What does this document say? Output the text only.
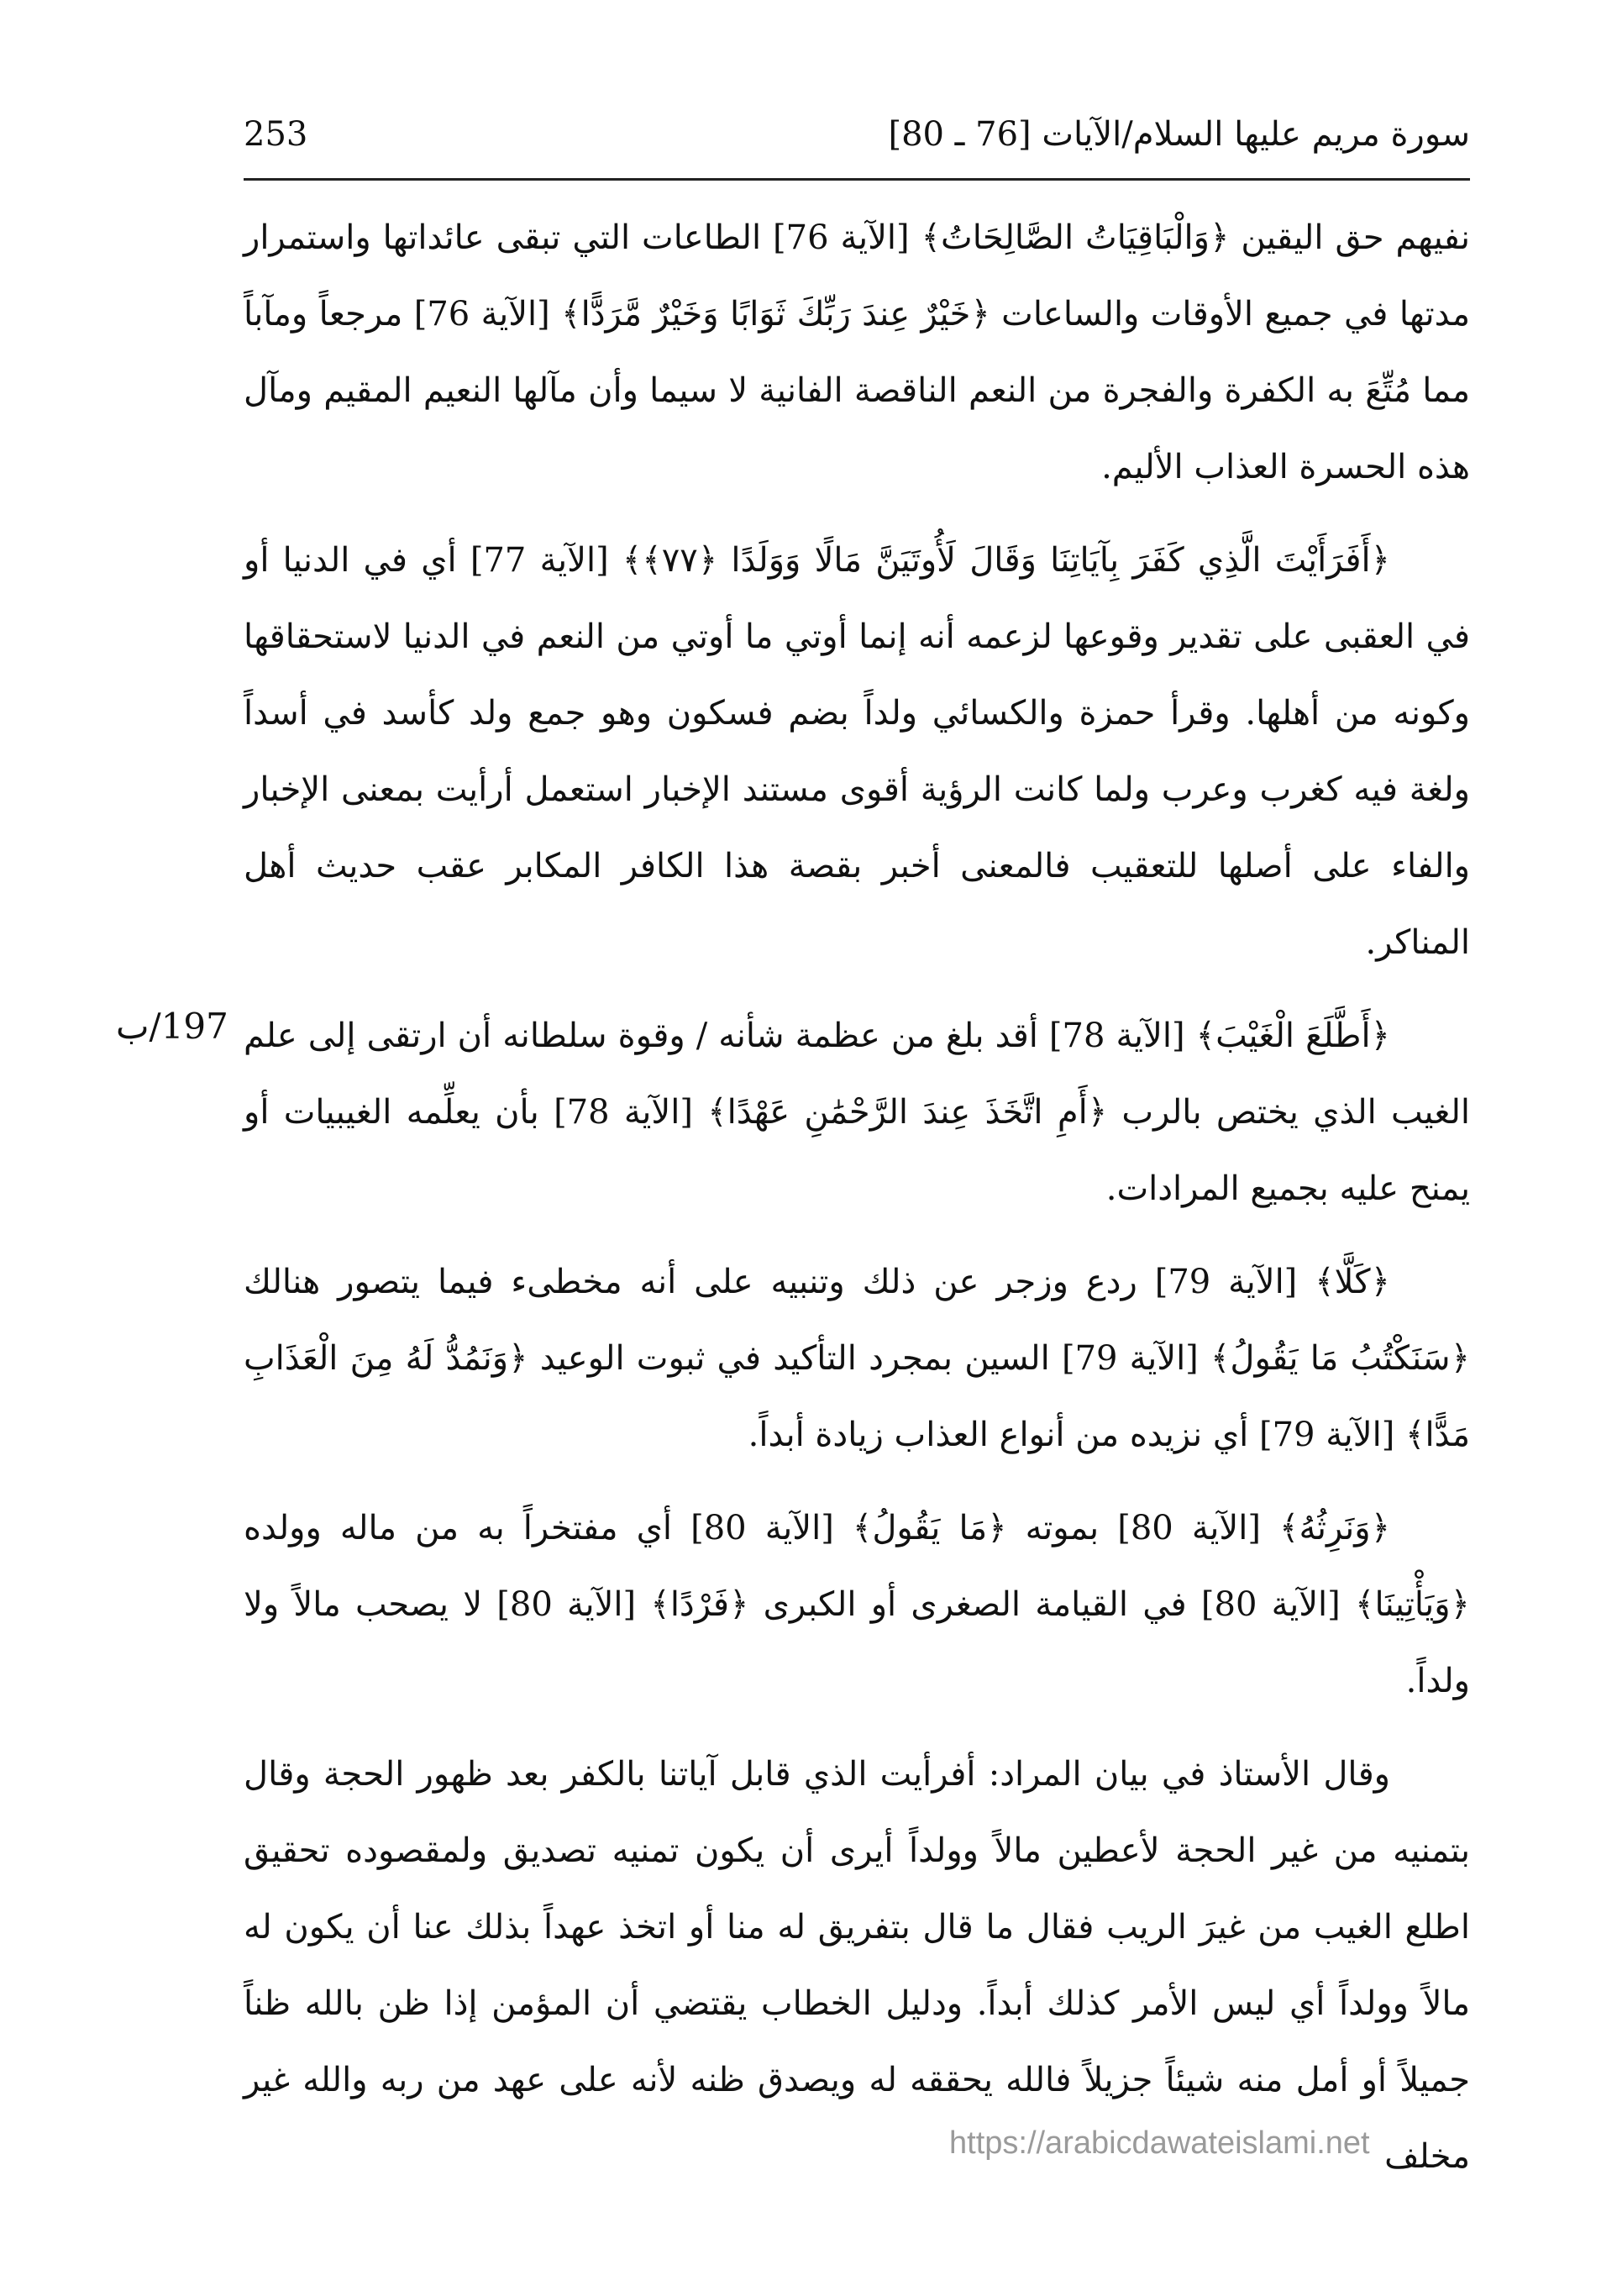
سورة مريم عليها السلام/الآيات [76 ـ 80]
253
197/ب

نفيهم حق اليقين ﴿وَالْبَاقِيَاتُ الصَّالِحَاتُ﴾ [الآية 76] الطاعات التي تبقى عائداتها واستمرار مدتها في جميع الأوقات والساعات ﴿خَيْرٌ عِندَ رَبِّكَ ثَوَابًا وَخَيْرٌ مَّرَدًّا﴾ [الآية 76] مرجعاً ومآباً مما مُتِّعَ به الكفرة والفجرة من النعم الناقصة الفانية لا سيما وأن مآلها النعيم المقيم ومآل هذه الحسرة العذاب الأليم.

﴿أَفَرَأَيْتَ الَّذِي كَفَرَ بِآيَاتِنَا وَقَالَ لَأُوتَيَنَّ مَالًا وَوَلَدًا ﴿٧٧﴾﴾ [الآية 77] أي في الدنيا أو في العقبى على تقدير وقوعها لزعمه أنه إنما أوتي ما أوتي من النعم في الدنيا لاستحقاقها وكونه من أهلها. وقرأ حمزة والكسائي ولداً بضم فسكون وهو جمع ولد كأسد في أسداً ولغة فيه كغرب وعرب ولما كانت الرؤية أقوى مستند الإخبار استعمل أرأيت بمعنى الإخبار والفاء على أصلها للتعقيب فالمعنى أخبر بقصة هذا الكافر المكابر عقب حديث أهل المناكر.

﴿أَطَّلَعَ الْغَيْبَ﴾ [الآية 78] أقد بلغ من عظمة شأنه / وقوة سلطانه أن ارتقى إلى علم الغيب الذي يختص بالرب ﴿أَمِ اتَّخَذَ عِندَ الرَّحْمَٰنِ عَهْدًا﴾ [الآية 78] بأن يعلِّمه الغيبيات أو يمنح عليه بجميع المرادات.

﴿كَلَّا﴾ [الآية 79] ردع وزجر عن ذلك وتنبيه على أنه مخطىء فيما يتصور هنالك ﴿سَنَكْتُبُ مَا يَقُولُ﴾ [الآية 79] السين بمجرد التأكيد في ثبوت الوعيد ﴿وَنَمُدُّ لَهُ مِنَ الْعَذَابِ مَدًّا﴾ [الآية 79] أي نزيده من أنواع العذاب زيادة أبداً.

﴿وَنَرِثُهُ﴾ [الآية 80] بموته ﴿مَا يَقُولُ﴾ [الآية 80] أي مفتخراً به من ماله وولده ﴿وَيَأْتِينَا﴾ [الآية 80] في القيامة الصغرى أو الكبرى ﴿فَرْدًا﴾ [الآية 80] لا يصحب مالاً ولا ولداً.

وقال الأستاذ في بيان المراد: أفرأيت الذي قابل آياتنا بالكفر بعد ظهور الحجة وقال بتمنيه من غير الحجة لأعطين مالاً وولداً أيرى أن يكون تمنيه تصديق ولمقصوده تحقيق اطلع الغيب من غيرَ الريب فقال ما قال بتفريق له منا أو اتخذ عهداً بذلك عنا أن يكون له مالاً وولداً أي ليس الأمر كذلك أبداً. ودليل الخطاب يقتضي أن المؤمن إذا ظن بالله ظناً جميلاً أو أمل منه شيئاً جزيلاً فالله يحققه له ويصدق ظنه لأنه على عهد من ربه والله غير مخلف

https://arabicdawateislami.net
